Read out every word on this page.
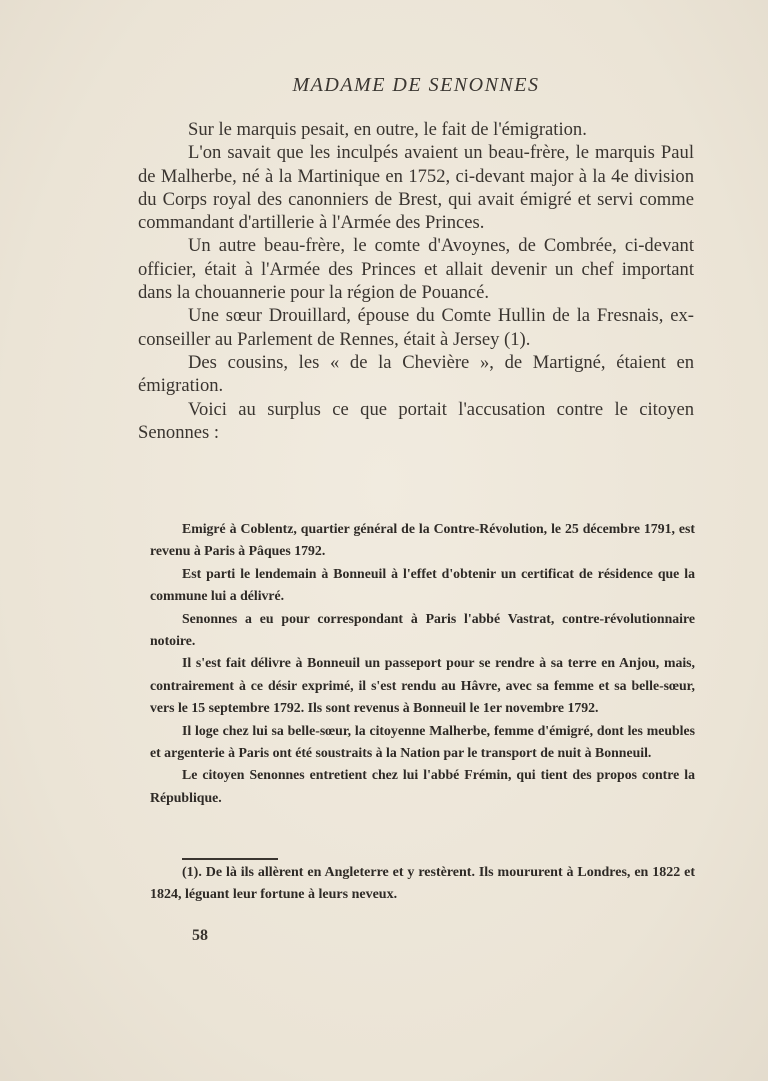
MADAME DE SENONNES

Sur le marquis pesait, en outre, le fait de l'émigration.

L'on savait que les inculpés avaient un beau-frère, le marquis Paul de Malherbe, né à la Martinique en 1752, ci-devant major à la 4e division du Corps royal des canonniers de Brest, qui avait émigré et servi comme commandant d'artillerie à l'Armée des Princes.

Un autre beau-frère, le comte d'Avoynes, de Combrée, ci-devant officier, était à l'Armée des Princes et allait devenir un chef important dans la chouannerie pour la région de Pouancé.

Une sœur Drouillard, épouse du Comte Hullin de la Fresnais, ex-conseiller au Parlement de Rennes, était à Jersey (1).

Des cousins, les « de la Chevière », de Martigné, étaient en émigration.

Voici au surplus ce que portait l'accusation contre le citoyen Senonnes :

Emigré à Coblentz, quartier général de la Contre-Révolution, le 25 décembre 1791, est revenu à Paris à Pâques 1792.

Est parti le lendemain à Bonneuil à l'effet d'obtenir un certificat de résidence que la commune lui a délivré.

Senonnes a eu pour correspondant à Paris l'abbé Vastrat, contre-révolutionnaire notoire.

Il s'est fait délivre à Bonneuil un passeport pour se rendre à sa terre en Anjou, mais, contrairement à ce désir exprimé, il s'est rendu au Hâvre, avec sa femme et sa belle-sœur, vers le 15 septembre 1792. Ils sont revenus à Bonneuil le 1er novembre 1792.

Il loge chez lui sa belle-sœur, la citoyenne Malherbe, femme d'émigré, dont les meubles et argenterie à Paris ont été soustraits à la Nation par le transport de nuit à Bonneuil.

Le citoyen Senonnes entretient chez lui l'abbé Frémin, qui tient des propos contre la République.

(1). De là ils allèrent en Angleterre et y restèrent. Ils moururent à Londres, en 1822 et 1824, léguant leur fortune à leurs neveux.

58
